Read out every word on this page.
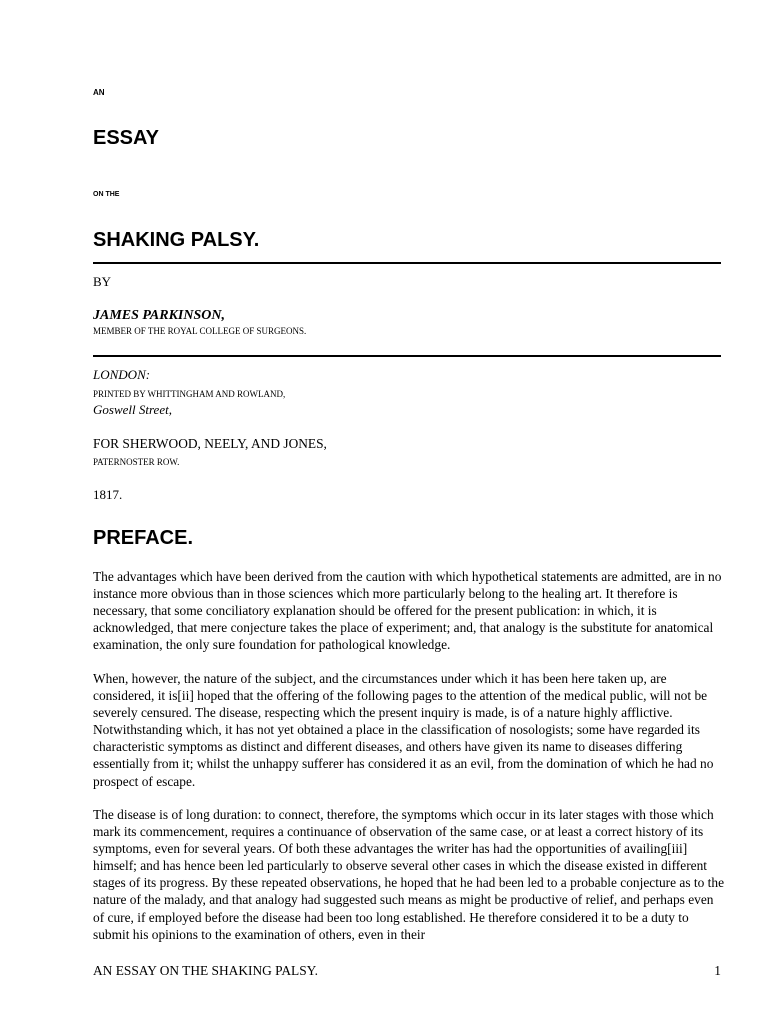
AN

ESSAY

ON THE

SHAKING PALSY.

BY

JAMES PARKINSON,

MEMBER OF THE ROYAL COLLEGE OF SURGEONS.

LONDON:

PRINTED BY WHITTINGHAM AND ROWLAND,

Goswell Street,

FOR SHERWOOD, NEELY, AND JONES,

PATERNOSTER ROW.

1817.

PREFACE.

The advantages which have been derived from the caution with which hypothetical statements are admitted, are in no instance more obvious than in those sciences which more particularly belong to the healing art. It therefore is necessary, that some conciliatory explanation should be offered for the present publication: in which, it is acknowledged, that mere conjecture takes the place of experiment; and, that analogy is the substitute for anatomical examination, the only sure foundation for pathological knowledge.

When, however, the nature of the subject, and the circumstances under which it has been here taken up, are considered, it is[ii] hoped that the offering of the following pages to the attention of the medical public, will not be severely censured. The disease, respecting which the present inquiry is made, is of a nature highly afflictive. Notwithstanding which, it has not yet obtained a place in the classification of nosologists; some have regarded its characteristic symptoms as distinct and different diseases, and others have given its name to diseases differing essentially from it; whilst the unhappy sufferer has considered it as an evil, from the domination of which he had no prospect of escape.

The disease is of long duration: to connect, therefore, the symptoms which occur in its later stages with those which mark its commencement, requires a continuance of observation of the same case, or at least a correct history of its symptoms, even for several years. Of both these advantages the writer has had the opportunities of availing[iii] himself; and has hence been led particularly to observe several other cases in which the disease existed in different stages of its progress. By these repeated observations, he hoped that he had been led to a probable conjecture as to the nature of the malady, and that analogy had suggested such means as might be productive of relief, and perhaps even of cure, if employed before the disease had been too long established. He therefore considered it to be a duty to submit his opinions to the examination of others, even in their

AN ESSAY ON THE SHAKING PALSY.	1
